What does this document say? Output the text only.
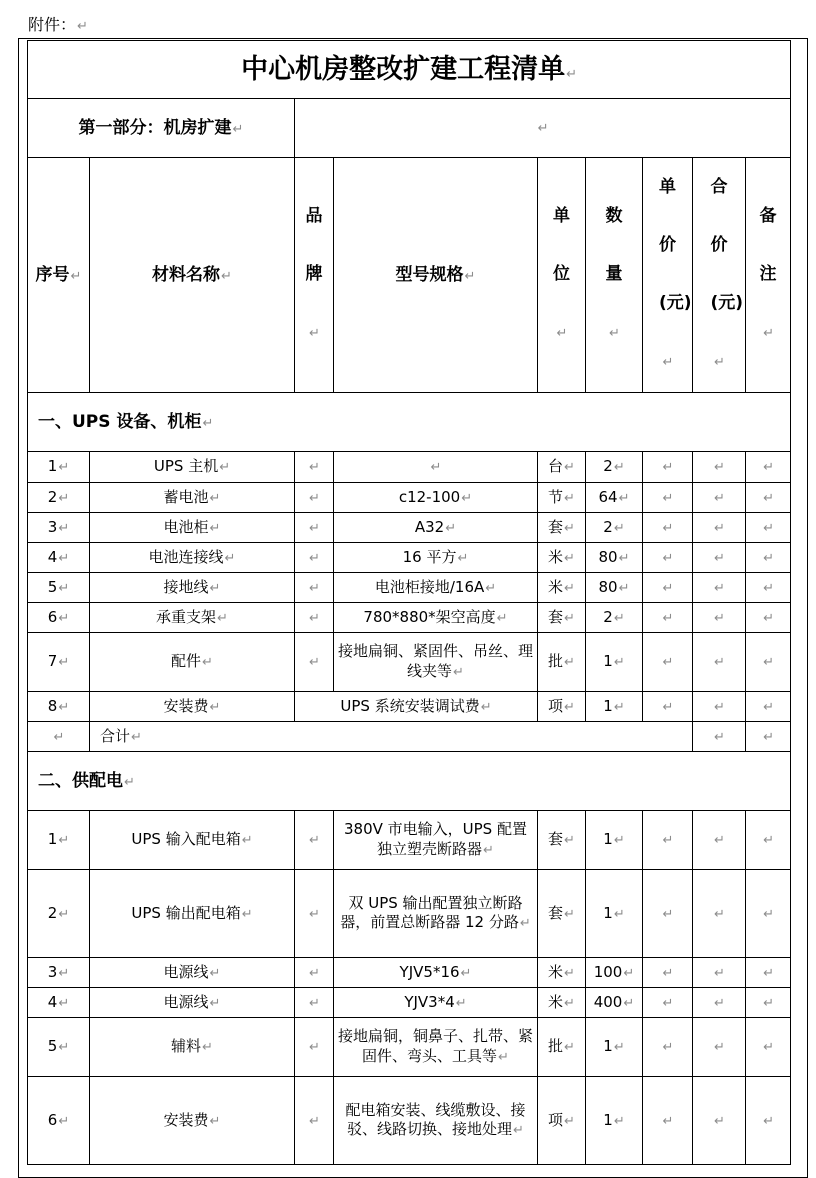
附件：↵
中心机房整改扩建工程清单↵								
第一部分：机房扩建↵		↵						
序号↵	材料名称↵	品牌↵	型号规格↵	单位↵	数量↵	单价(元)↵	合价(元)↵	备注↵

一、UPS 设备、机柜↵								
1↵	UPS 主机↵	↵	↵	台↵	2↵	↵	↵	↵
2↵	蓄电池↵	↵	c12-100↵	节↵	64↵	↵	↵	↵
3↵	电池柜↵	↵	A32↵	套↵	2↵	↵	↵	↵
4↵	电池连接线↵	↵	16 平方↵	米↵	80↵	↵	↵	↵
5↵	接地线↵	↵	电池柜接地/16A↵	米↵	80↵	↵	↵	↵
6↵	承重支架↵	↵	780*880*架空高度↵	套↵	2↵	↵	↵	↵
7↵	配件↵	↵	接地扁铜、紧固件、吊丝、理线夹等↵	批↵	1↵	↵	↵	↵
8↵	安装费↵	UPS 系统安装调试费↵		项↵	1↵	↵	↵	↵
↵	合计↵						↵	↵
二、供配电↵								
1↵	UPS 输入配电箱↵	↵	380V 市电输入，UPS 配置独立塑壳断路器↵	套↵	1↵	↵	↵	↵
2↵	UPS 输出配电箱↵	↵	双 UPS 输出配置独立断路器，前置总断路器 12 分路↵	套↵	1↵	↵	↵	↵
3↵	电源线↵	↵	YJV5*16↵	米↵	100↵	↵	↵	↵
4↵	电源线↵	↵	YJV3*4↵	米↵	400↵	↵	↵	↵
5↵	辅料↵	↵	接地扁铜，铜鼻子、扎带、紧固件、弯头、工具等↵	批↵	1↵	↵	↵	↵
6↵	安装费↵	↵	配电箱安装、线缆敷设、接驳、线路切换、接地处理↵	项↵	1↵	↵	↵	↵
